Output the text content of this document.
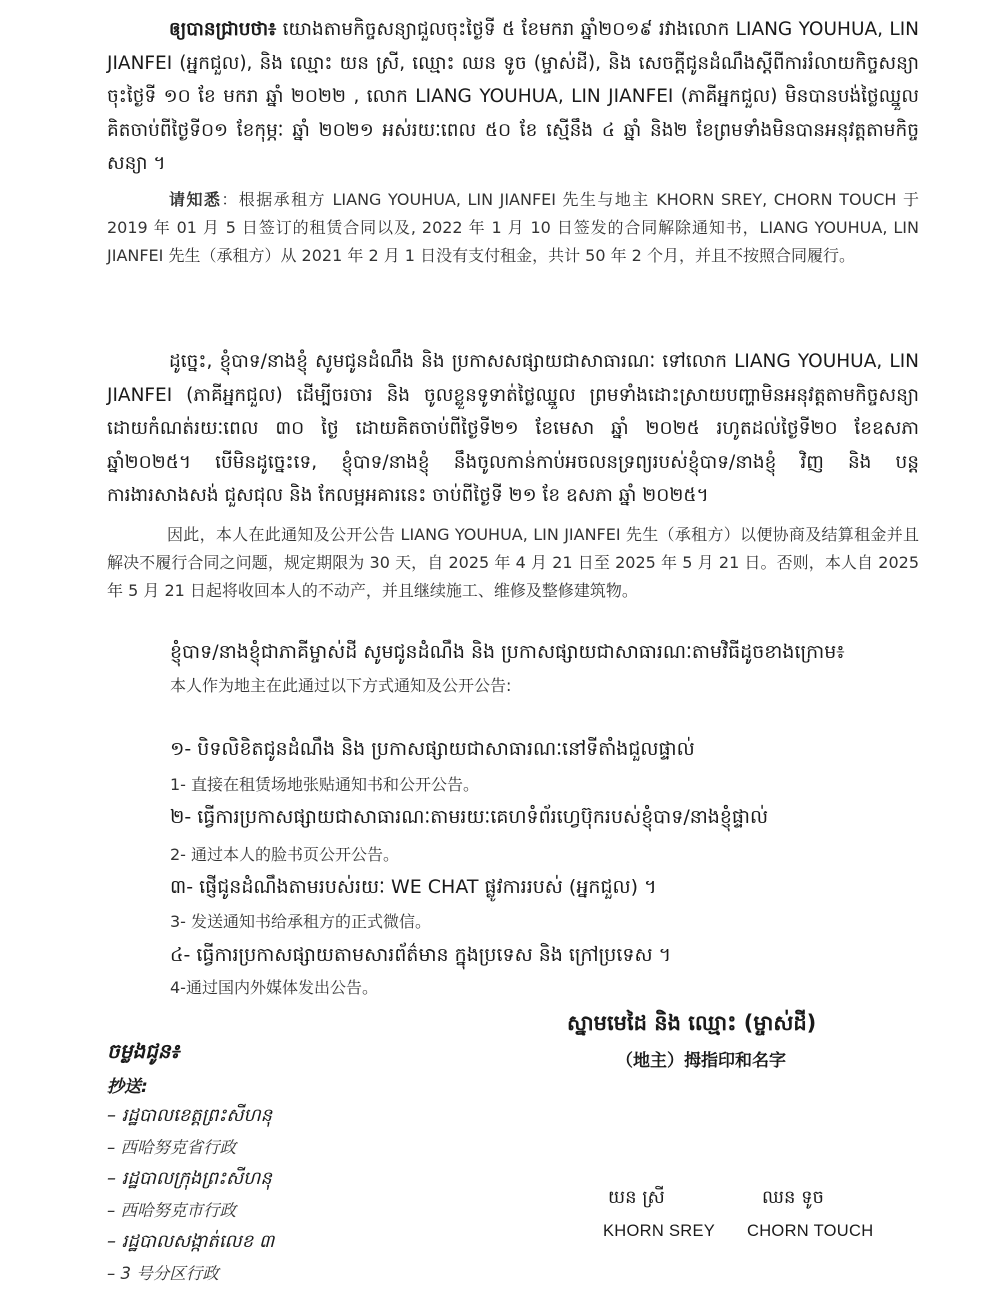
ឲ្យបានជ្រាបថា៖ យោងតាមកិច្ចសន្យាជួលចុះថ្ងៃទី ៥ ខែមករា ឆ្នាំ២០១៩ រវាងលោក LIANG YOUHUA, LIN JIANFEI (អ្នកជួល), និង ឈ្មោះ យន ស្រី, ឈ្មោះ ឈន ទូច (ម្ចាស់ដី), និង សេចក្តីជូនដំណឹងស្តីពីការរំលាយកិច្ចសន្យាចុះថ្ងៃទី ១០ ខែ មករា ឆ្នាំ ២០២២ , លោក LIANG YOUHUA, LIN JIANFEI (ភាគីអ្នកជួល) មិនបានបង់ថ្លៃឈ្នួលគិតចាប់ពីថ្ងៃទី០១ ខែកុម្ភៈ ឆ្នាំ ២០២១ អស់រយៈពេល ៥០ ខែ ស្មើនឹង ៤ ឆ្នាំ និង២ ខែព្រមទាំងមិនបានអនុវត្តតាមកិច្ចសន្យា ។

请知悉：根据承租方 LIANG YOUHUA, LIN JIANFEI 先生与地主 KHORN SREY, CHORN TOUCH 于 2019 年 01 月 5 日签订的租赁合同以及, 2022 年 1 月 10 日签发的合同解除通知书，LIANG YOUHUA, LIN JIANFEI 先生（承租方）从 2021 年 2 月 1 日没有支付租金，共计 50 年 2 个月，并且不按照合同履行。

ដូច្នេះ, ខ្ញុំបាទ/នាងខ្ញុំ សូមជូនដំណឹង និង ប្រកាសសផ្សាយជាសាធារណៈ ទៅលោក LIANG YOUHUA, LIN JIANFEI (ភាគីអ្នកជួល) ដើម្បីចរចារ និង ចូលខ្លួនទូទាត់ថ្លៃឈ្នួល ព្រមទាំងដោះស្រាយបញ្ហាមិនអនុវត្តតាមកិច្ចសន្យា ដោយកំណត់រយៈពេល ៣០ ថ្ងៃ ដោយគិតចាប់ពីថ្ងៃទី២១ ខែមេសា ឆ្នាំ ២០២៥ រហូតដល់ថ្ងៃទី២០ ខែឧសភា ឆ្នាំ២០២៥។ បើមិនដូច្នេះទេ, ខ្ញុំបាទ/នាងខ្ញុំ នឹងចូលកាន់កាប់អចលនទ្រព្យរបស់ខ្ញុំបាទ/នាងខ្ញុំ វិញ និង បន្តការងារសាងសង់ ជួសជុល និង កែលម្អអគារនេះ ចាប់ពីថ្ងៃទី ២១ ខែ ឧសភា ឆ្នាំ ២០២៥។

因此，本人在此通知及公开公告 LIANG YOUHUA, LIN JIANFEI 先生（承租方）以便协商及结算租金并且解决不履行合同之问题，规定期限为 30 天，自 2025 年 4 月 21 日至 2025 年 5 月 21 日。否则，本人自 2025 年 5 月 21 日起将收回本人的不动产，并且继续施工、维修及整修建筑物。

ខ្ញុំបាទ/នាងខ្ញុំជាភាគីម្ចាស់ដី សូមជូនដំណឹង និង ប្រកាសផ្សាយជាសាធារណៈតាមវិធីដូចខាងក្រោម៖

本人作为地主在此通过以下方式通知及公开公告:

១- បិទលិខិតជូនដំណឹង និង ប្រកាសផ្សាយជាសាធារណៈនៅទីតាំងជួលផ្ទាល់

1- 直接在租赁场地张贴通知书和公开公告。

២- ធ្វើការប្រកាសផ្សាយជាសាធារណៈតាមរយៈគេហទំព័រហ្វេប៊ុករបស់ខ្ញុំបាទ/នាងខ្ញុំផ្ទាល់

2- 通过本人的脸书页公开公告。

៣- ផ្ញើជូនដំណឹងតាមរបស់រយៈ WE CHAT ផ្លូវការរបស់ (អ្នកជួល) ។

3- 发送通知书给承租方的正式微信。

៤- ធ្វើការប្រកាសផ្សាយតាមសារព័ត៌មាន ក្នុងប្រទេស និង ក្រៅប្រទេស ។

4-通过国内外媒体发出公告。

ស្នាមមេដៃ និង ឈ្មោះ (ម្ចាស់ដី)

（地主）拇指印和名字

យន ស្រី	ឈន ទូច

KHORN SREY CHORN TOUCH

ចម្លងជូន៖

抄送:

– រដ្ឋបាលខេត្តព្រះសីហនុ
– 西哈努克省行政
– រដ្ឋបាលក្រុងព្រះសីហនុ
– 西哈努克市行政
– រដ្ឋបាលសង្កាត់លេខ ៣
– 3 号分区行政
